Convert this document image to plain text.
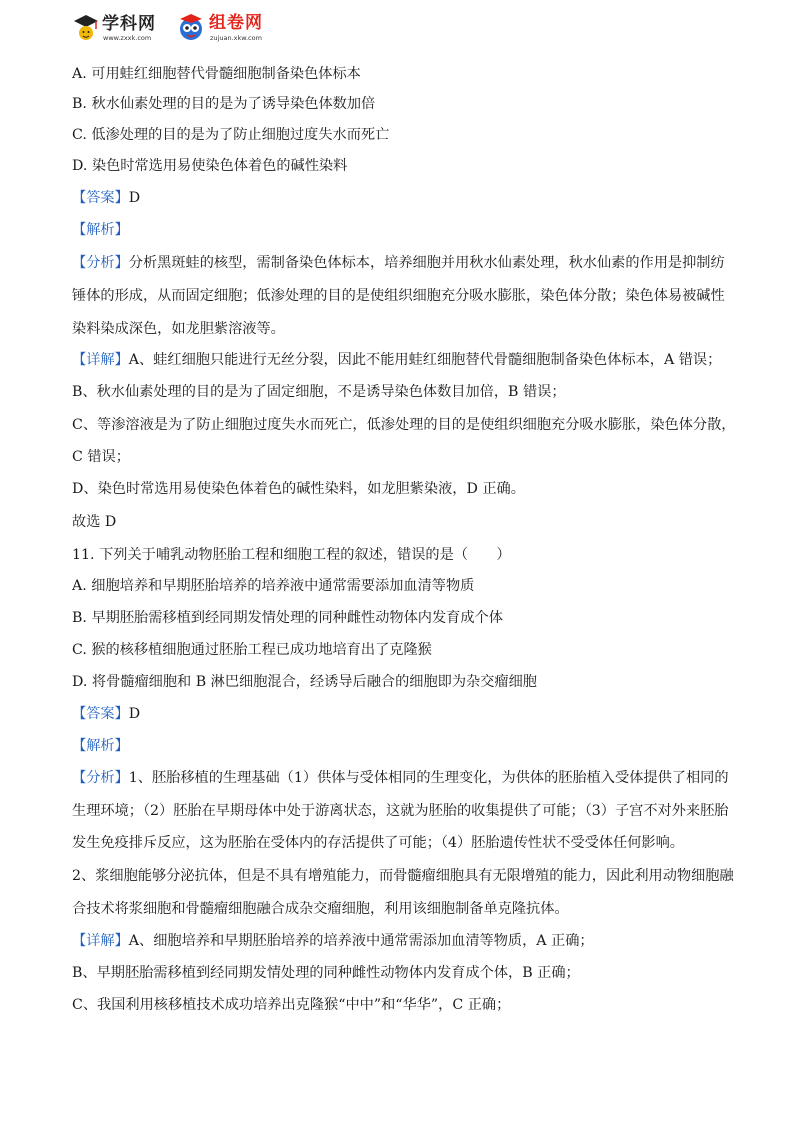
学科网
www.zxxk.com
组卷网
zujuan.xkw.com
A. 可用蛙红细胞替代骨髓细胞制备染色体标本
B. 秋水仙素处理的目的是为了诱导染色体数加倍
C. 低渗处理的目的是为了防止细胞过度失水而死亡
D. 染色时常选用易使染色体着色的碱性染料
【答案】D
【解析】
【分析】分析黑斑蛙的核型，需制备染色体标本，培养细胞并用秋水仙素处理，秋水仙素的作用是抑制纺
锤体的形成，从而固定细胞；低渗处理的目的是使组织细胞充分吸水膨胀，染色体分散；染色体易被碱性
染料染成深色，如龙胆紫溶液等。
【详解】A、蛙红细胞只能进行无丝分裂，因此不能用蛙红细胞替代骨髓细胞制备染色体标本，A 错误；
B、秋水仙素处理的目的是为了固定细胞，不是诱导染色体数目加倍，B 错误；
C、等渗溶液是为了防止细胞过度失水而死亡，低渗处理的目的是使组织细胞充分吸水膨胀，染色体分散，
C 错误；
D、染色时常选用易使染色体着色的碱性染料，如龙胆紫染液，D 正确。
故选 D
11. 下列关于哺乳动物胚胎工程和细胞工程的叙述，错误的是（　　）
A. 细胞培养和早期胚胎培养的培养液中通常需要添加血清等物质
B. 早期胚胎需移植到经同期发情处理的同种雌性动物体内发育成个体
C. 猴的核移植细胞通过胚胎工程已成功地培育出了克隆猴
D. 将骨髓瘤细胞和 B 淋巴细胞混合，经诱导后融合的细胞即为杂交瘤细胞
【答案】D
【解析】
【分析】1、胚胎移植的生理基础（1）供体与受体相同的生理变化，为供体的胚胎植入受体提供了相同的
生理环境；（2）胚胎在早期母体中处于游离状态，这就为胚胎的收集提供了可能；（3）子宫不对外来胚胎
发生免疫排斥反应，这为胚胎在受体内的存活提供了可能；（4）胚胎遗传性状不受受体任何影响。
2、浆细胞能够分泌抗体，但是不具有增殖能力，而骨髓瘤细胞具有无限增殖的能力，因此利用动物细胞融
合技术将浆细胞和骨髓瘤细胞融合成杂交瘤细胞，利用该细胞制备单克隆抗体。
【详解】A、细胞培养和早期胚胎培养的培养液中通常需添加血清等物质，A 正确；
B、早期胚胎需移植到经同期发情处理的同种雌性动物体内发育成个体，B 正确；
C、我国利用核移植技术成功培养出克隆猴“中中”和“华华”，C 正确；
